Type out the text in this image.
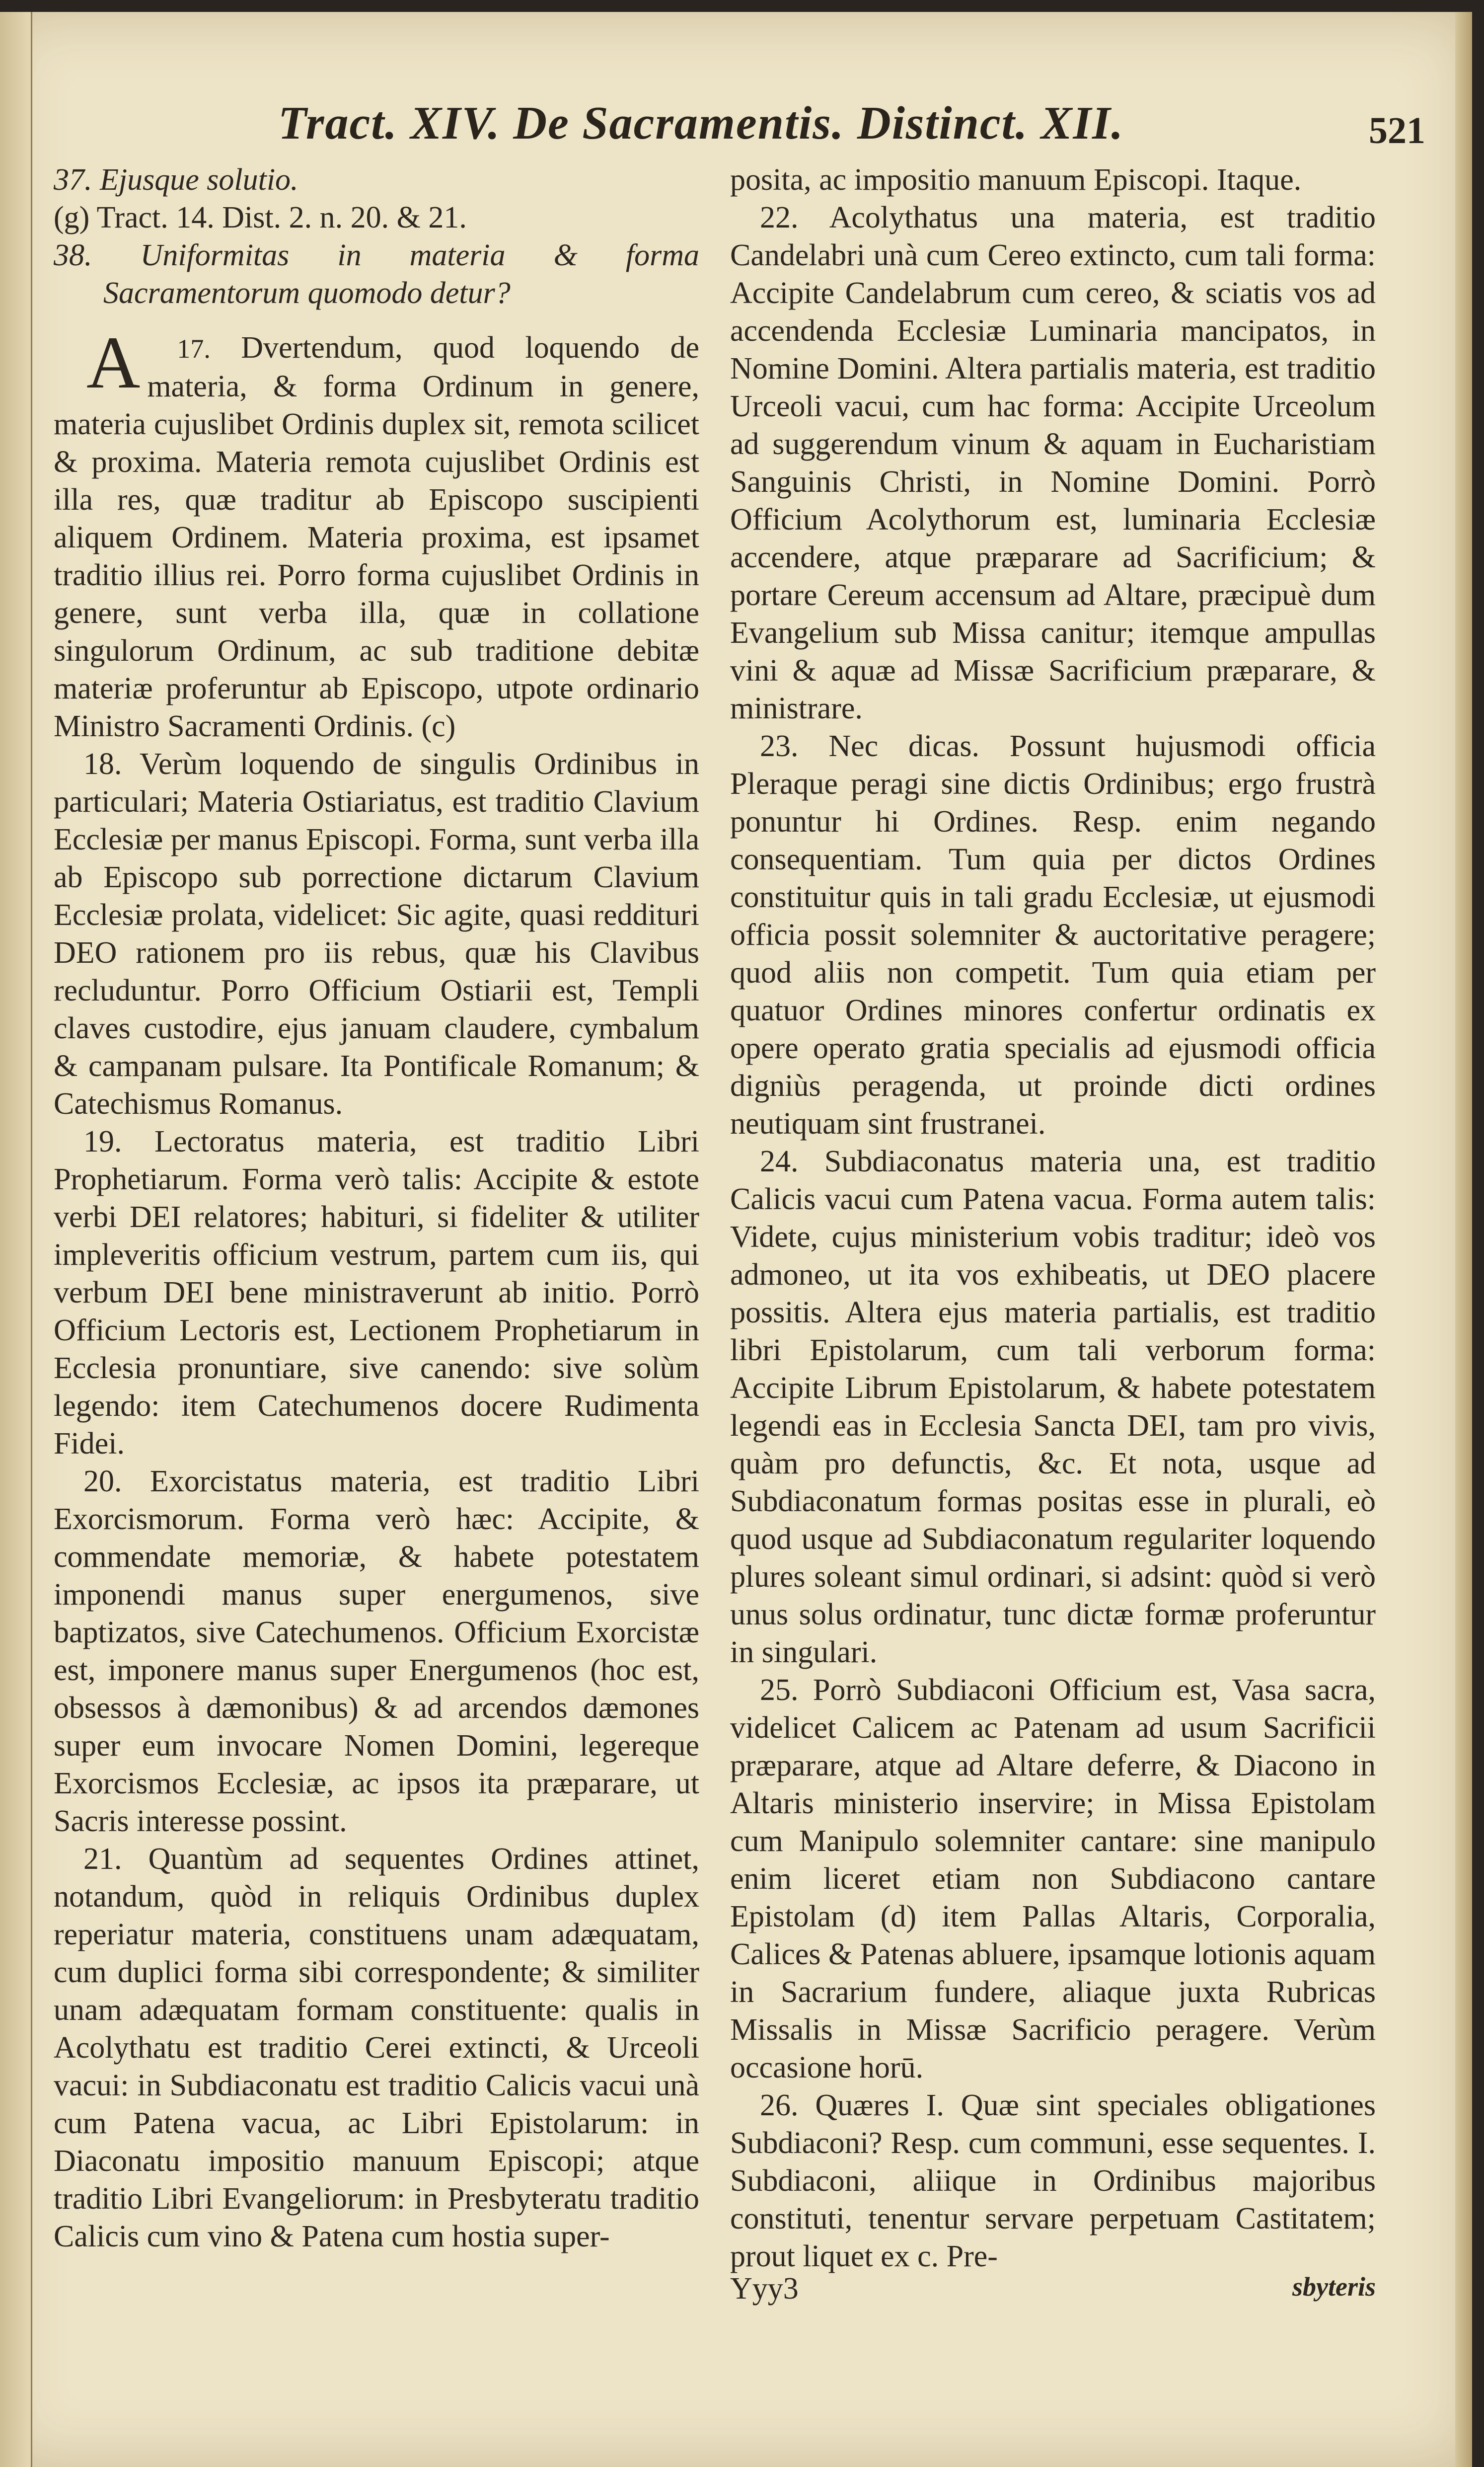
Tract. XIV. De Sacramentis. Distinct. XII.	521

37. Ejusque solutio.

(g) Tract. 14. Dist. 2. n. 20. & 21.

38. Uniformitas in materia & forma Sacramentorum quomodo detur?

17.
A	Dvertendum, quod loquendo de materia, & forma Ordinum in genere, materia cujuslibet Ordinis duplex sit, remota scilicet & proxima. Materia remota cujuslibet Ordinis est illa res, quæ traditur ab Episcopo suscipienti aliquem Ordinem. Materia proxima, est ipsamet traditio illius rei. Porro forma cujuslibet Ordinis in genere, sunt verba illa, quæ in collatione singulorum Ordinum, ac sub traditione debitæ materiæ proferuntur ab Episcopo, utpote ordinario Ministro Sacramenti Ordinis. (c)

18. Verùm loquendo de singulis Ordinibus in particulari; Materia Ostiariatus, est traditio Clavium Ecclesiæ per manus Episcopi. Forma, sunt verba illa ab Episcopo sub porrectione dictarum Clavium Ecclesiæ prolata, videlicet: Sic agite, quasi reddituri DEO rationem pro iis rebus, quæ his Clavibus recluduntur. Porro Officium Ostiarii est, Templi claves custodire, ejus januam claudere, cymbalum & campanam pulsare. Ita Pontificale Romanum; & Catechismus Romanus.

19. Lectoratus materia, est traditio Libri Prophetiarum. Forma verò talis: Accipite & estote verbi DEI relatores; habituri, si fideliter & utiliter impleveritis officium vestrum, partem cum iis, qui verbum DEI bene ministraverunt ab initio. Porrò Officium Lectoris est, Lectionem Prophetiarum in Ecclesia pronuntiare, sive canendo: sive solùm legendo: item Catechumenos docere Rudimenta Fidei.

20. Exorcistatus materia, est traditio Libri Exorcismorum. Forma verò hæc: Accipite, & commendate memoriæ, & habete potestatem imponendi manus super energumenos, sive baptizatos, sive Catechumenos. Officium Exorcistæ est, imponere manus super Energumenos (hoc est, obsessos à dæmonibus) & ad arcendos dæmones super eum invocare Nomen Domini, legereque Exorcismos Ecclesiæ, ac ipsos ita præparare, ut Sacris interesse possint.

21. Quantùm ad sequentes Ordines attinet, notandum, quòd in reliquis Ordinibus duplex reperiatur materia, constituens unam adæquatam, cum duplici forma sibi correspondente; & similiter unam adæquatam formam constituente: qualis in Acolythatu est traditio Cerei extincti, & Urceoli vacui: in Subdiaconatu est traditio Calicis vacui unà cum Patena vacua, ac Libri Epistolarum: in Diaconatu impositio manuum Episcopi; atque traditio Libri Evangeliorum: in Presbyteratu traditio Calicis cum vino & Patena cum hostia super-

posita, ac impositio manuum Episcopi. Itaque.

22. Acolythatus una materia, est traditio Candelabri unà cum Cereo extincto, cum tali forma: Accipite Candelabrum cum cereo, & sciatis vos ad accendenda Ecclesiæ Luminaria mancipatos, in Nomine Domini. Altera partialis materia, est traditio Urceoli vacui, cum hac forma: Accipite Urceolum ad suggerendum vinum & aquam in Eucharistiam Sanguinis Christi, in Nomine Domini. Porrò Officium Acolythorum est, luminaria Ecclesiæ accendere, atque præparare ad Sacrificium; & portare Cereum accensum ad Altare, præcipuè dum Evangelium sub Missa canitur; itemque ampullas vini & aquæ ad Missæ Sacrificium præparare, & ministrare.

23. Nec dicas. Possunt hujusmodi officia Pleraque peragi sine dictis Ordinibus; ergo frustrà ponuntur hi Ordines. Resp. enim negando consequentiam. Tum quia per dictos Ordines constituitur quis in tali gradu Ecclesiæ, ut ejusmodi officia possit solemniter & auctoritative peragere; quod aliis non competit. Tum quia etiam per quatuor Ordines minores confertur ordinatis ex opere operato gratia specialis ad ejusmodi officia digniùs peragenda, ut proinde dicti ordines neutiquam sint frustranei.

24. Subdiaconatus materia una, est traditio Calicis vacui cum Patena vacua. Forma autem talis: Videte, cujus ministerium vobis traditur; ideò vos admoneo, ut ita vos exhibeatis, ut DEO placere possitis. Altera ejus materia partialis, est traditio libri Epistolarum, cum tali verborum forma: Accipite Librum Epistolarum, & habete potestatem legendi eas in Ecclesia Sancta DEI, tam pro vivis, quàm pro defunctis, &c. Et nota, usque ad Subdiaconatum formas positas esse in plurali, eò quod usque ad Subdiaconatum regulariter loquendo plures soleant simul ordinari, si adsint: quòd si verò unus solus ordinatur, tunc dictæ formæ proferuntur in singulari.

25. Porrò Subdiaconi Officium est, Vasa sacra, videlicet Calicem ac Patenam ad usum Sacrificii præparare, atque ad Altare deferre, & Diacono in Altaris ministerio inservire; in Missa Epistolam cum Manipulo solemniter cantare: sine manipulo enim liceret etiam non Subdiacono cantare Epistolam (d) item Pallas Altaris, Corporalia, Calices & Patenas abluere, ipsamque lotionis aquam in Sacrarium fundere, aliaque juxta Rubricas Missalis in Missæ Sacrificio peragere. Verùm occasione horū.

26. Quæres I. Quæ sint speciales obligationes Subdiaconi? Resp. cum communi, esse sequentes. I. Subdiaconi, aliique in Ordinibus majoribus constituti, tenentur servare perpetuam Castitatem; prout liquet ex c. Pre-

Yyy3	sbyteris
